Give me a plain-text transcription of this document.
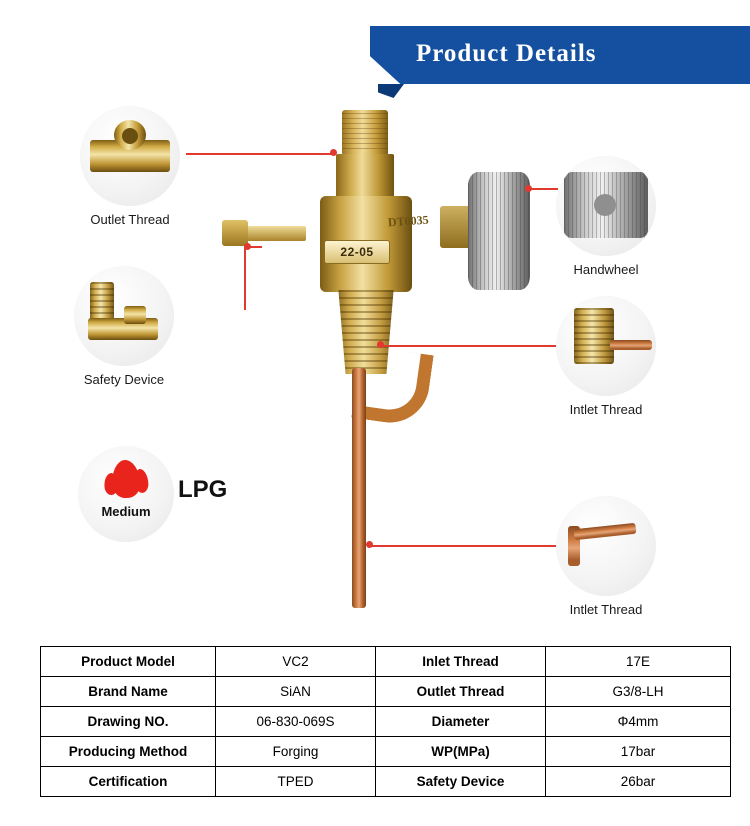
Product Details
DT0035
22-05
Outlet Thread
Safety Device
Handwheel
Intlet Thread
Intlet Thread
Medium
LPG
Product Model	VC2	Inlet Thread	17E
Brand Name	SiAN	Outlet Thread	G3/8-LH
Drawing NO.	06-830-069S	Diameter	Φ4mm
Producing Method	Forging	WP(MPa)	17bar
Certification	TPED	Safety Device	26bar
